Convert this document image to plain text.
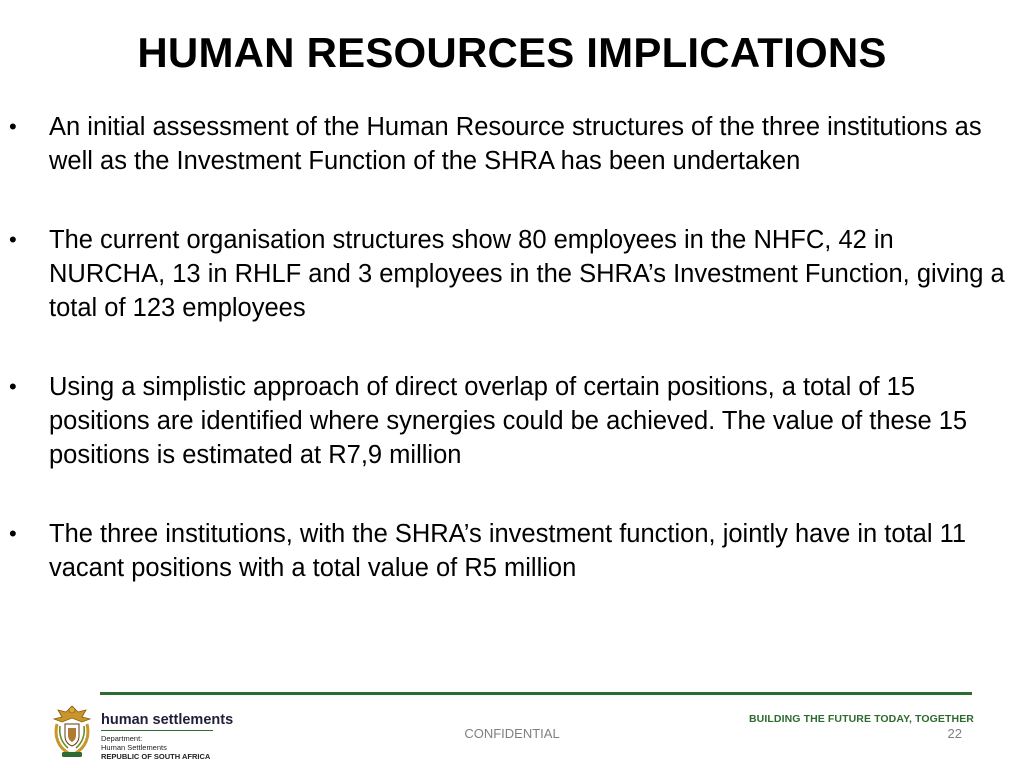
HUMAN RESOURCES IMPLICATIONS
• An initial assessment of the Human Resource structures of the three institutions as well as the Investment Function of the SHRA has been undertaken
• The current organisation structures show 80 employees in the NHFC, 42 in NURCHA, 13 in RHLF and 3 employees in the SHRA’s Investment Function, giving a total of 123 employees
• Using a simplistic approach of direct overlap of certain positions, a total of 15 positions are identified where synergies could be achieved. The value of these 15 positions is estimated at R7,9 million
• The three institutions, with the SHRA’s investment function, jointly have in total 11 vacant positions with a total value of R5 million
human settlements
Department:
Human Settlements
REPUBLIC OF SOUTH AFRICA
CONFIDENTIAL
BUILDING THE FUTURE TODAY, TOGETHER
22
